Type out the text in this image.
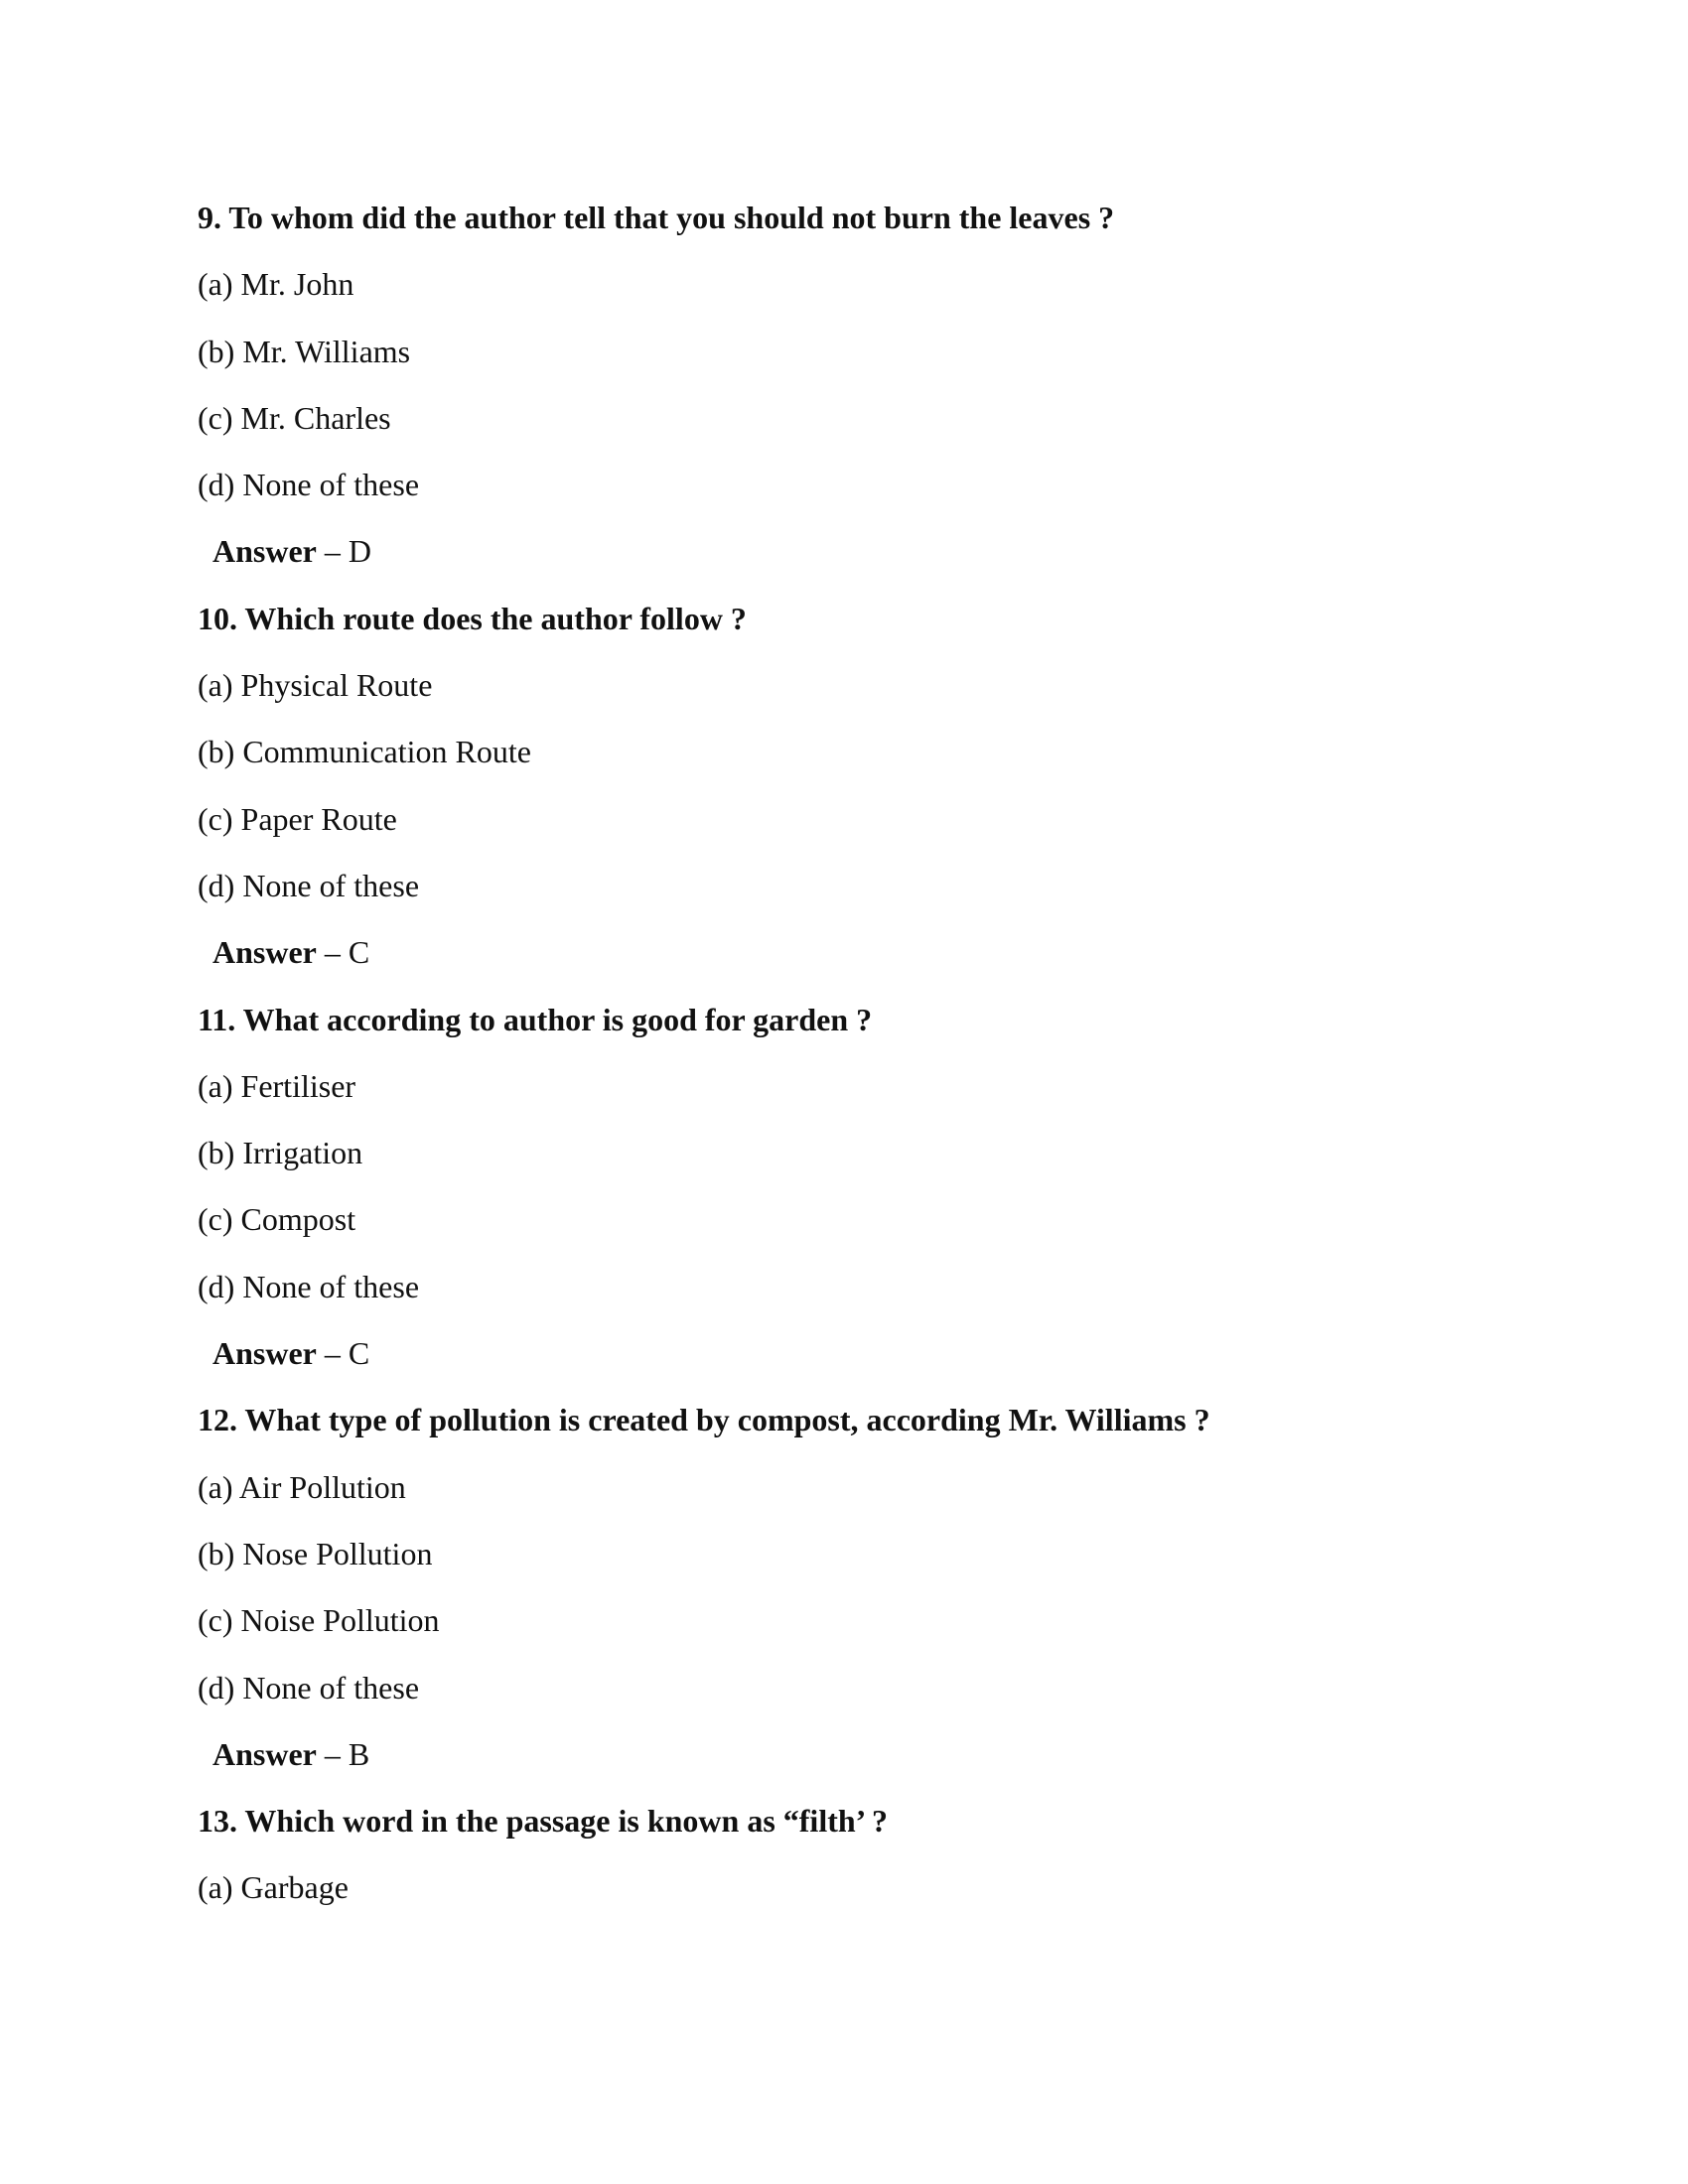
9. To whom did the author tell that you should not burn the leaves ?
(a) Mr. John
(b) Mr. Williams
(c) Mr. Charles
(d) None of these
Answer – D
10. Which route does the author follow ?
(a) Physical Route
(b) Communication Route
(c) Paper Route
(d) None of these
Answer – C
11. What according to author is good for garden ?
(a) Fertiliser
(b) Irrigation
(c) Compost
(d) None of these
Answer – C
12. What type of pollution is created by compost, according Mr. Williams ?
(a) Air Pollution
(b) Nose Pollution
(c) Noise Pollution
(d) None of these
Answer – B
13. Which word in the passage is known as “filth’ ?
(a) Garbage
